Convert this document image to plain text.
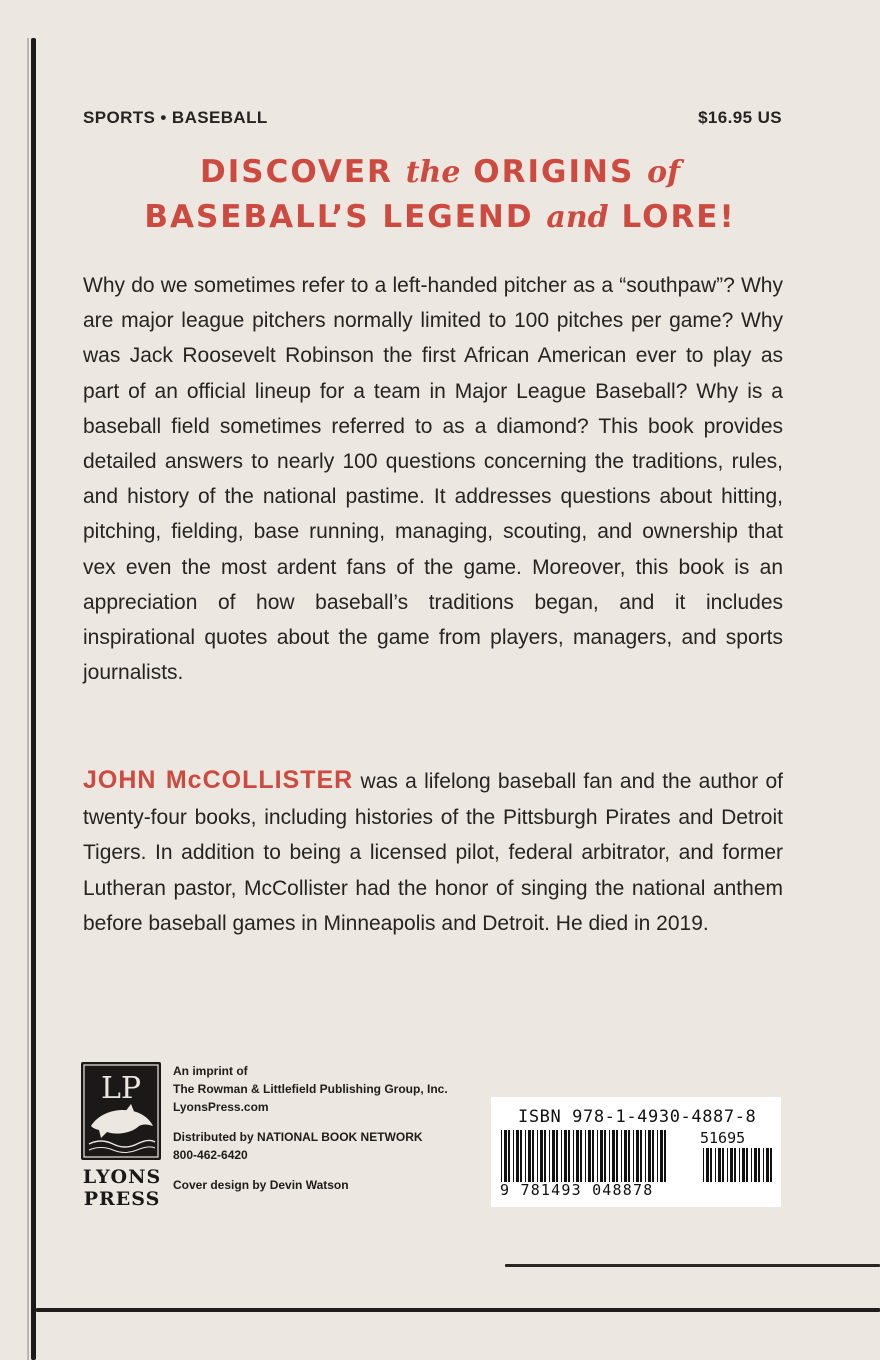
SPORTS • BASEBALL	$16.95 US
DISCOVER the ORIGINS of
BASEBALL’S LEGEND and LORE!
Why do we sometimes refer to a left-handed pitcher as a “southpaw”? Why are major league pitchers normally limited to 100 pitches per game? Why was Jack Roosevelt Robinson the first African American ever to play as part of an official lineup for a team in Major League Baseball? Why is a baseball field sometimes referred to as a diamond? This book provides detailed answers to nearly 100 questions concerning the traditions, rules, and history of the national pastime. It addresses questions about hitting, pitching, fielding, base running, managing, scouting, and ownership that vex even the most ardent fans of the game. Moreover, this book is an appreciation of how baseball’s traditions began, and it includes inspirational quotes about the game from players, managers, and sports journalists.
JOHN McCOLLISTER was a lifelong baseball fan and the author of twenty-four books, including histories of the Pittsburgh Pirates and Detroit Tigers. In addition to being a licensed pilot, federal arbitrator, and former Lutheran pastor, McCollister had the honor of singing the national anthem before baseball games in Minneapolis and Detroit. He died in 2019.
LP
LYONS
PRESS
An imprint of
The Rowman & Littlefield Publishing Group, Inc.
LyonsPress.com
Distributed by NATIONAL BOOK NETWORK
800-462-6420
Cover design by Devin Watson
ISBN 978-1-4930-4887-8
51695
9 781493 048878
